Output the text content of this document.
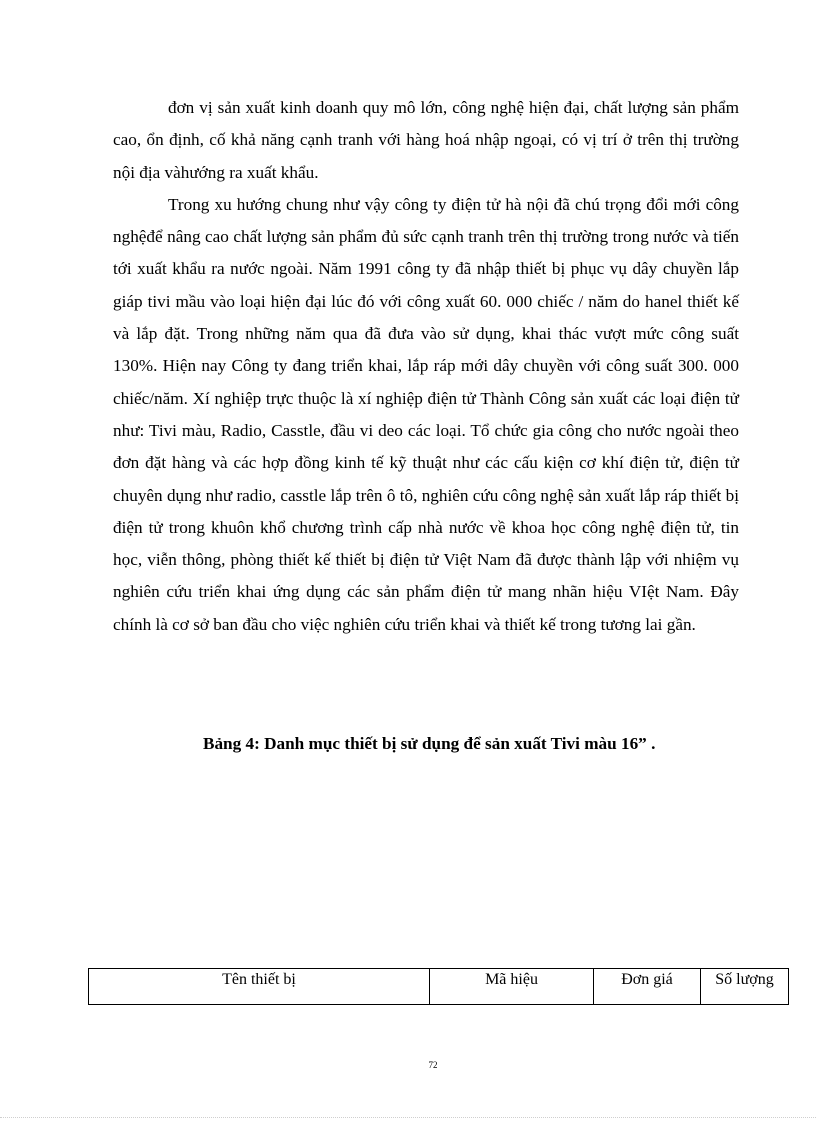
đơn vị sản xuất kinh doanh quy mô lớn, công nghệ hiện đại, chất lượng sản phẩm cao, ổn định, cố khả năng cạnh tranh với hàng hoá nhập ngoại, có vị trí ở trên thị trường nội địa vàhướng ra xuất khẩu.

Trong xu hướng chung như vậy công ty điện tử hà nội đã chú trọng đổi mới công nghệđể nâng cao chất lượng sản phẩm đủ sức cạnh tranh trên thị trường trong nước và tiến tới xuất khẩu ra nước ngoài. Năm 1991 công ty đã nhập thiết bị phục vụ dây chuyền lắp giáp tivi mầu vào loại hiện đại lúc đó với công xuất 60. 000 chiếc / năm do hanel thiết kế và lắp đặt. Trong những năm qua đã đưa vào sử dụng, khai thác vượt mức công suất 130%. Hiện nay Công ty đang triển khai, lắp ráp mới dây chuyền với công suất 300. 000 chiếc/năm. Xí nghiệp trực thuộc là xí nghiệp điện tử Thành Công sản xuất các loại điện tử như: Tivi màu, Radio, Casstle, đầu vi deo các loại. Tổ chức gia công cho nước ngoài theo đơn đặt hàng và các hợp đồng kinh tế kỹ thuật như các cấu kiện cơ khí điện tử, điện tử chuyên dụng như radio, casstle lắp trên ô tô, nghiên cứu công nghệ sản xuất lắp ráp thiết bị điện tử trong khuôn khổ chương trình cấp nhà nước về khoa học công nghệ điện tử, tin học, viễn thông, phòng thiết kế thiết bị điện tử Việt Nam đã được thành lập với nhiệm vụ nghiên cứu triển khai ứng dụng các sản phẩm điện tử mang nhãn hiệu VIệt Nam. Đây chính là cơ sở ban đầu cho việc nghiên cứu triển khai và thiết kế trong tương lai gần.

Bảng 4: Danh mục thiết bị sử dụng để sản xuất Tivi màu 16” .

Tên thiết bị	Mã hiệu	Đơn giá	Số lượng
72
